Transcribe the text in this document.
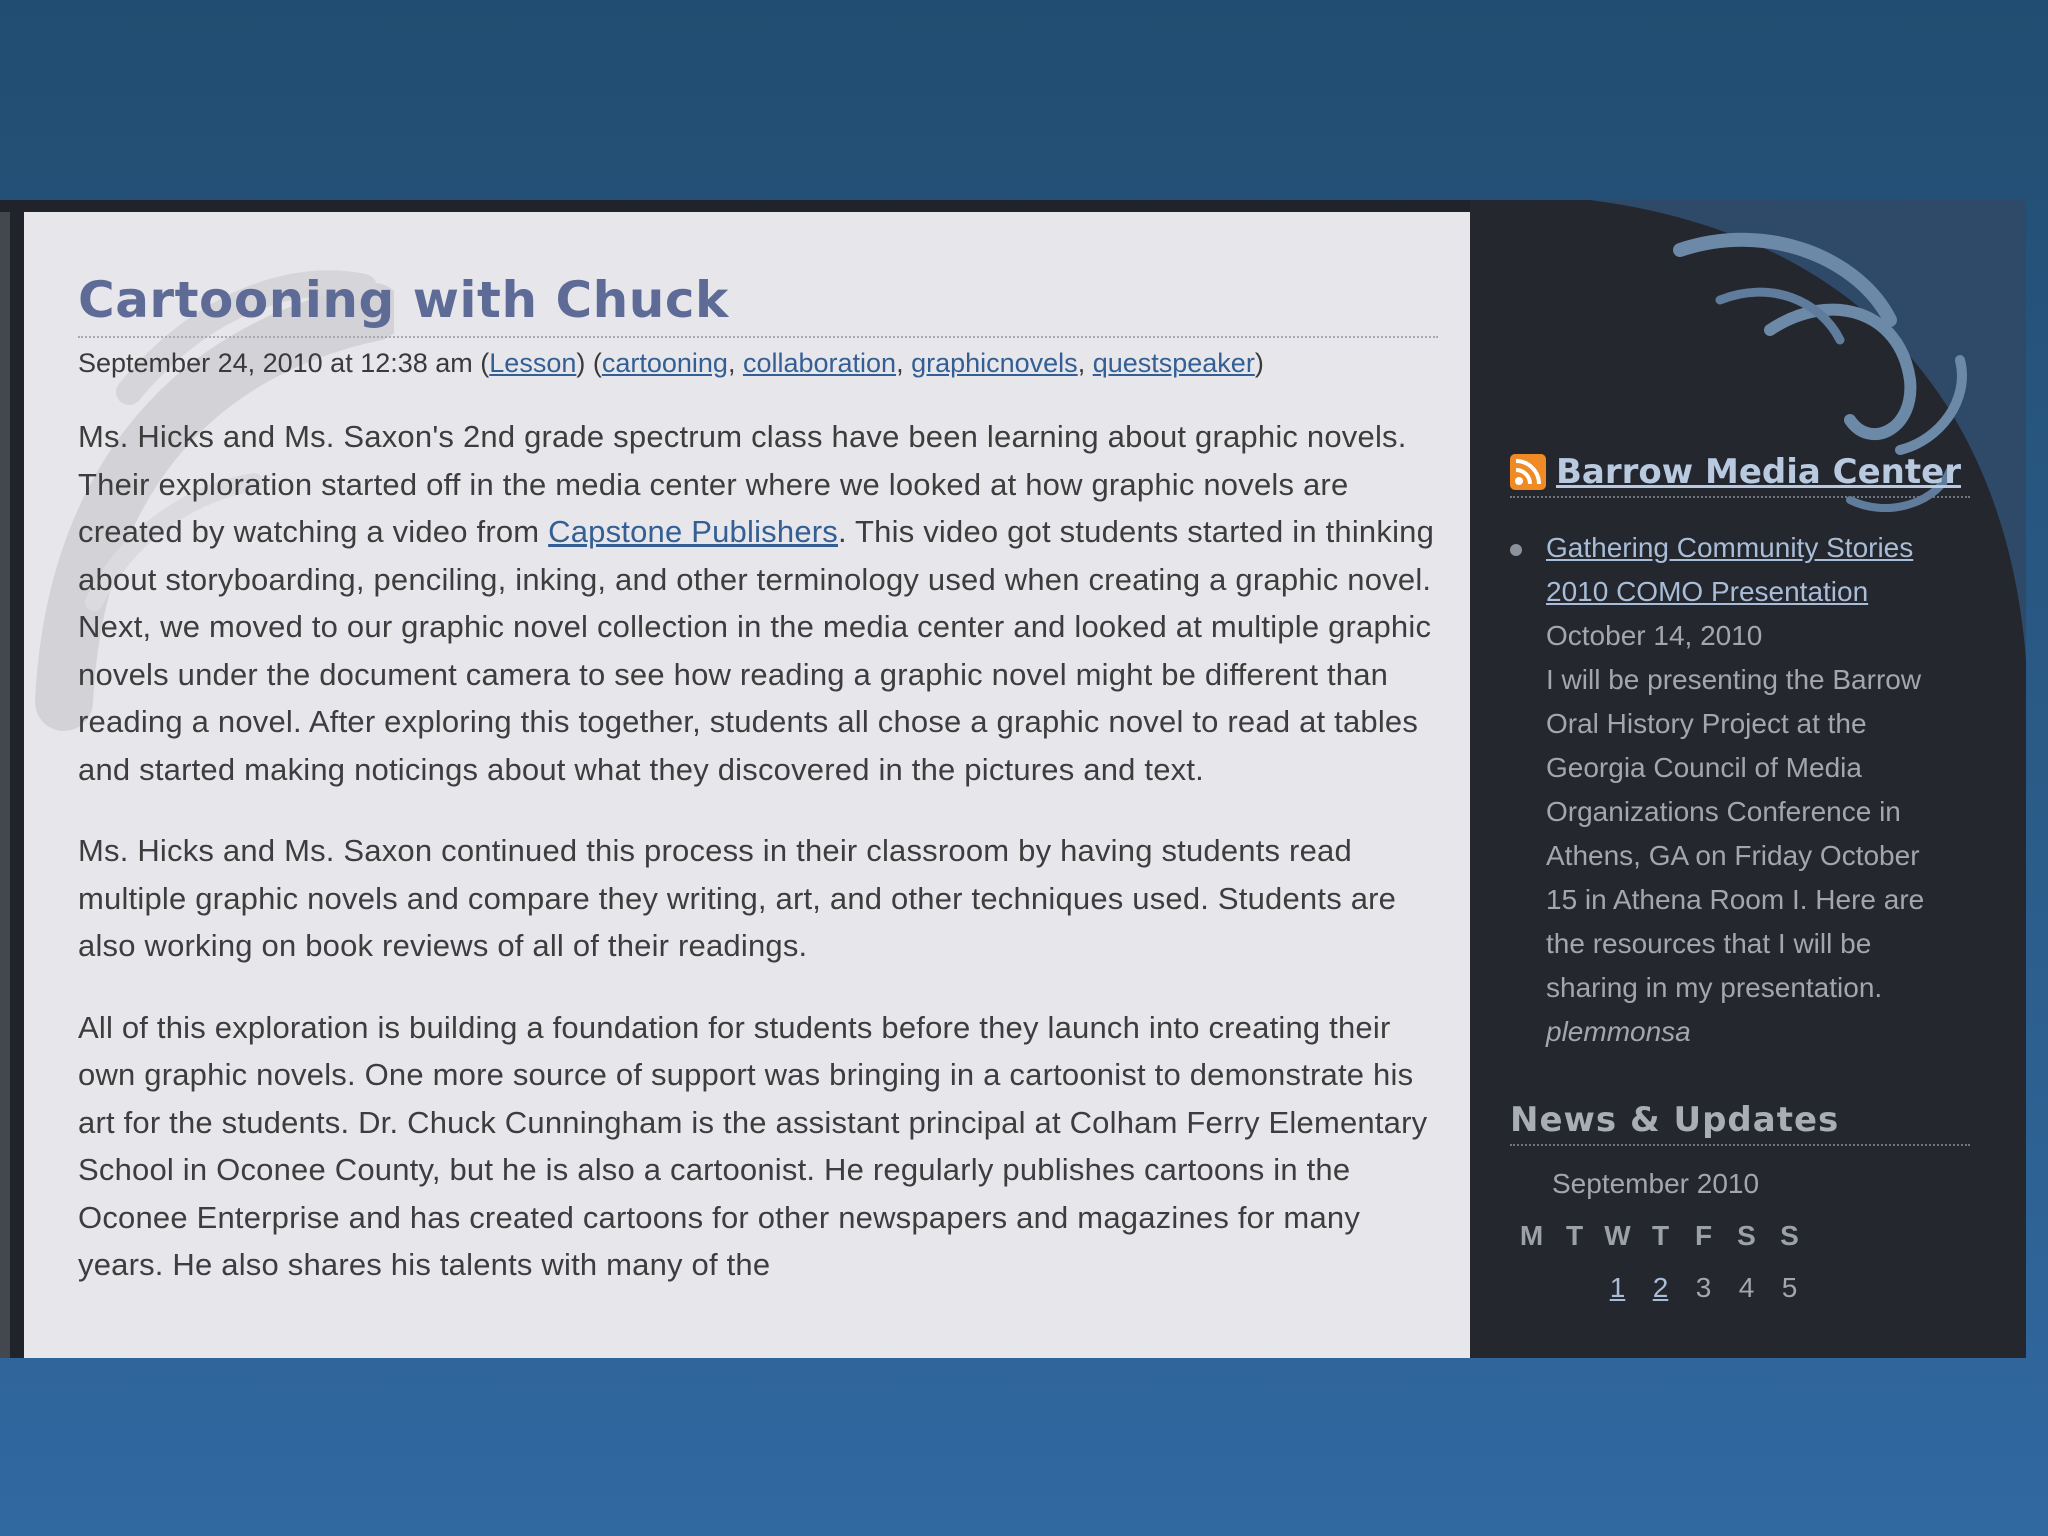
Cartooning with Chuck
September 24, 2010 at 12:38 am (Lesson) (cartooning, collaboration, graphicnovels, questspeaker)

Ms. Hicks and Ms. Saxon's 2nd grade spectrum class have been learning about graphic novels. Their exploration started off in the media center where we looked at how graphic novels are created by watching a video from Capstone Publishers. This video got students started in thinking about storyboarding, penciling, inking, and other terminology used when creating a graphic novel. Next, we moved to our graphic novel collection in the media center and looked at multiple graphic novels under the document camera to see how reading a graphic novel might be different than reading a novel. After exploring this together, students all chose a graphic novel to read at tables and started making noticings about what they discovered in the pictures and text.

Ms. Hicks and Ms. Saxon continued this process in their classroom by having students read multiple graphic novels and compare they writing, art, and other techniques used. Students are also working on book reviews of all of their readings.

All of this exploration is building a foundation for students before they launch into creating their own graphic novels. One more source of support was bringing in a cartoonist to demonstrate his art for the students. Dr. Chuck Cunningham is the assistant principal at Colham Ferry Elementary School in Oconee County, but he is also a cartoonist. He regularly publishes cartoons in the Oconee Enterprise and has created cartoons for other newspapers and magazines for many years. He also shares his talents with many of the

Barrow Media Center
Gathering Community Stories
2010 COMO Presentation
October 14, 2010
I will be presenting the Barrow
Oral History Project at the
Georgia Council of Media
Organizations Conference in
Athens, GA on Friday October
15 in Athena Room I. Here are
the resources that I will be
sharing in my presentation.
plemmonsa
News & Updates
September 2010
M T W T F S S
1 2 3 4 5
